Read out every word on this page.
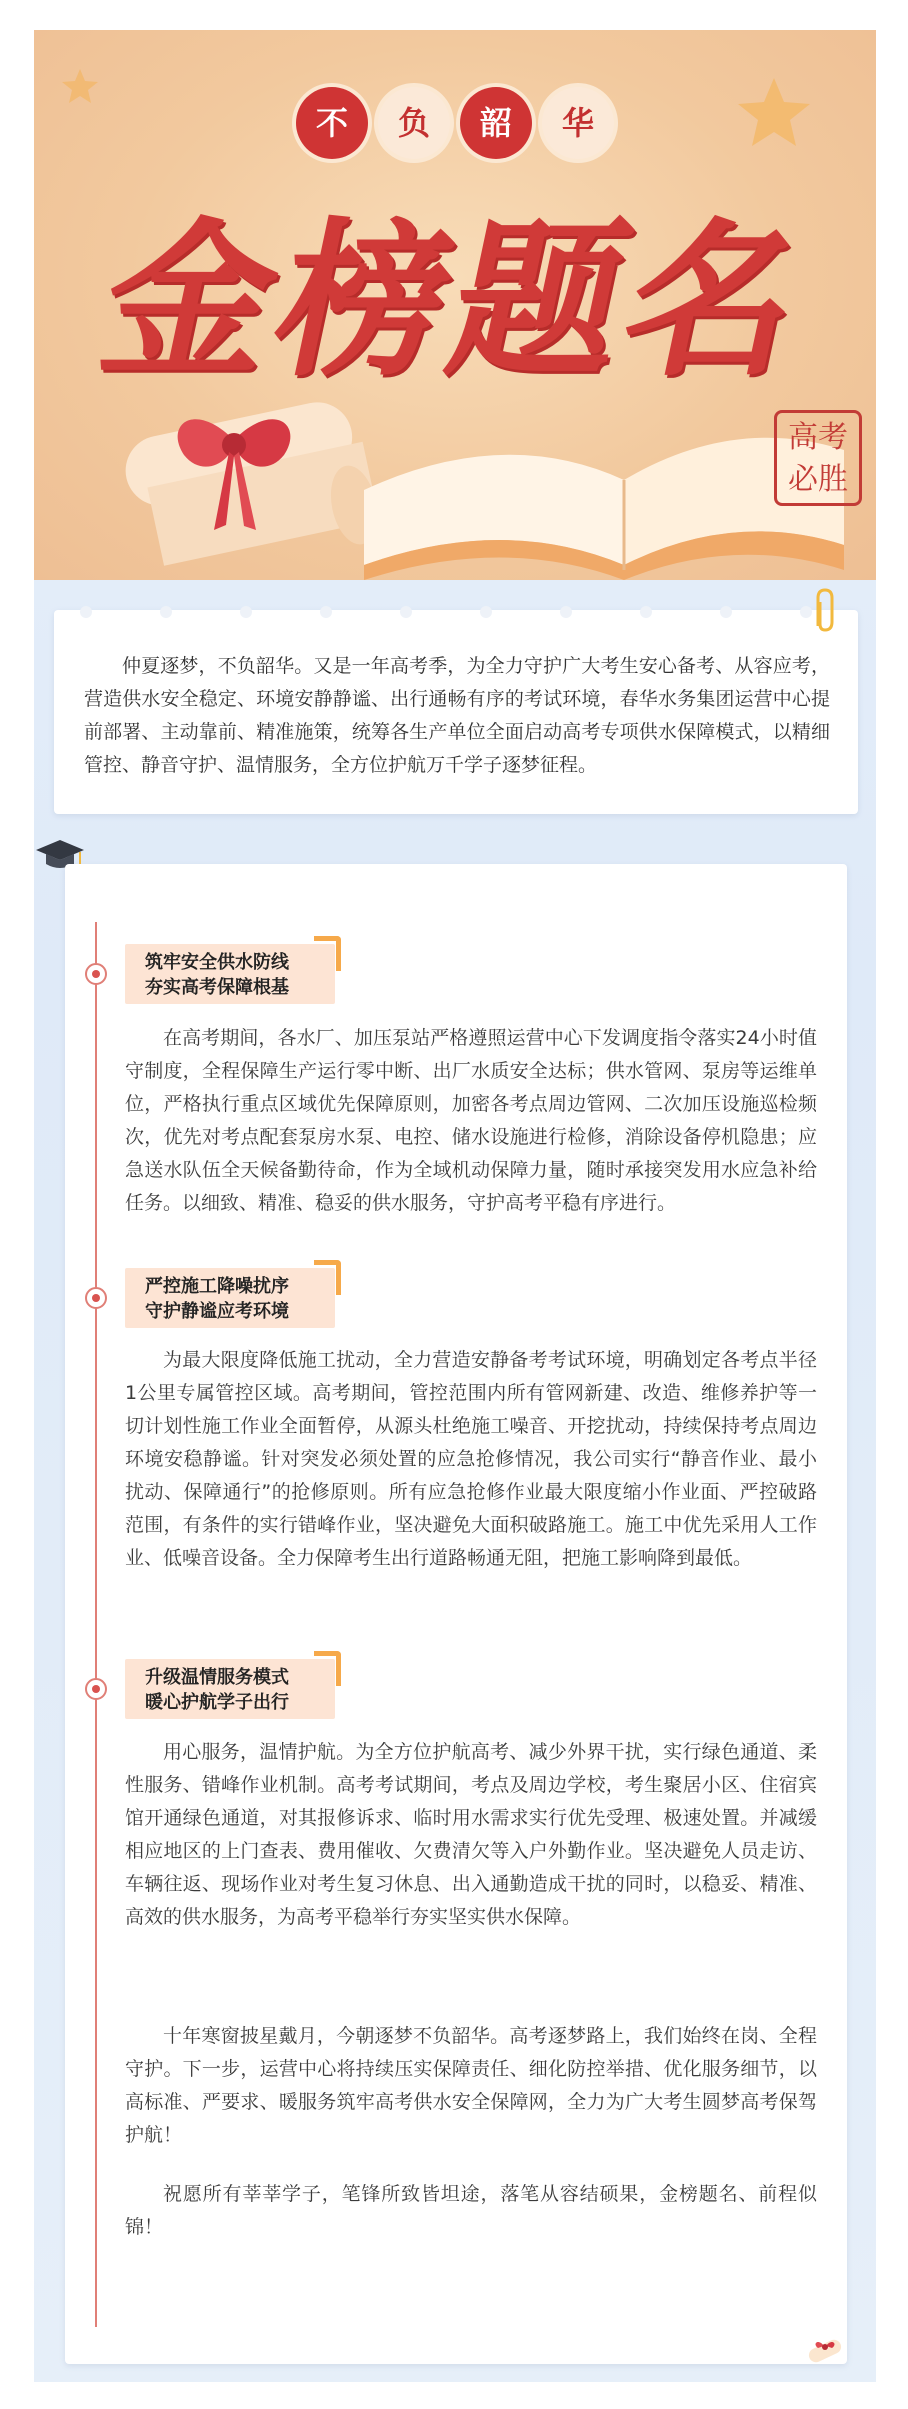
不 负 韶 华
金榜题名
高考
必胜

仲夏逐梦，不负韶华。又是一年高考季，为全力守护广大考生安心备考、从容应考，营造供水安全稳定、环境安静静谧、出行通畅有序的考试环境，春华水务集团运营中心提前部署、主动靠前、精准施策，统筹各生产单位全面启动高考专项供水保障模式，以精细管控、静音守护、温情服务，全方位护航万千学子逐梦征程。

筑牢安全供水防线
夯实高考保障根基

在高考期间，各水厂、加压泵站严格遵照运营中心下发调度指令落实24小时值守制度，全程保障生产运行零中断、出厂水质安全达标；供水管网、泵房等运维单位，严格执行重点区域优先保障原则，加密各考点周边管网、二次加压设施巡检频次，优先对考点配套泵房水泵、电控、储水设施进行检修，消除设备停机隐患；应急送水队伍全天候备勤待命，作为全域机动保障力量，随时承接突发用水应急补给任务。以细致、精准、稳妥的供水服务，守护高考平稳有序进行。

严控施工降噪扰序
守护静谧应考环境

为最大限度降低施工扰动，全力营造安静备考考试环境，明确划定各考点半径1公里专属管控区域。高考期间，管控范围内所有管网新建、改造、维修养护等一切计划性施工作业全面暂停，从源头杜绝施工噪音、开挖扰动，持续保持考点周边环境安稳静谧。针对突发必须处置的应急抢修情况，我公司实行“静音作业、最小扰动、保障通行”的抢修原则。所有应急抢修作业最大限度缩小作业面、严控破路范围，有条件的实行错峰作业，坚决避免大面积破路施工。施工中优先采用人工作业、低噪音设备。全力保障考生出行道路畅通无阻，把施工影响降到最低。

升级温情服务模式
暖心护航学子出行

用心服务，温情护航。为全方位护航高考、减少外界干扰，实行绿色通道、柔性服务、错峰作业机制。高考考试期间，考点及周边学校，考生聚居小区、住宿宾馆开通绿色通道，对其报修诉求、临时用水需求实行优先受理、极速处置。并减缓相应地区的上门查表、费用催收、欠费清欠等入户外勤作业。坚决避免人员走访、车辆往返、现场作业对考生复习休息、出入通勤造成干扰的同时，以稳妥、精准、高效的供水服务，为高考平稳举行夯实坚实供水保障。

十年寒窗披星戴月，今朝逐梦不负韶华。高考逐梦路上，我们始终在岗、全程守护。下一步，运营中心将持续压实保障责任、细化防控举措、优化服务细节，以高标准、严要求、暖服务筑牢高考供水安全保障网，全力为广大考生圆梦高考保驾护航！

祝愿所有莘莘学子，笔锋所致皆坦途，落笔从容结硕果，金榜题名、前程似锦！
